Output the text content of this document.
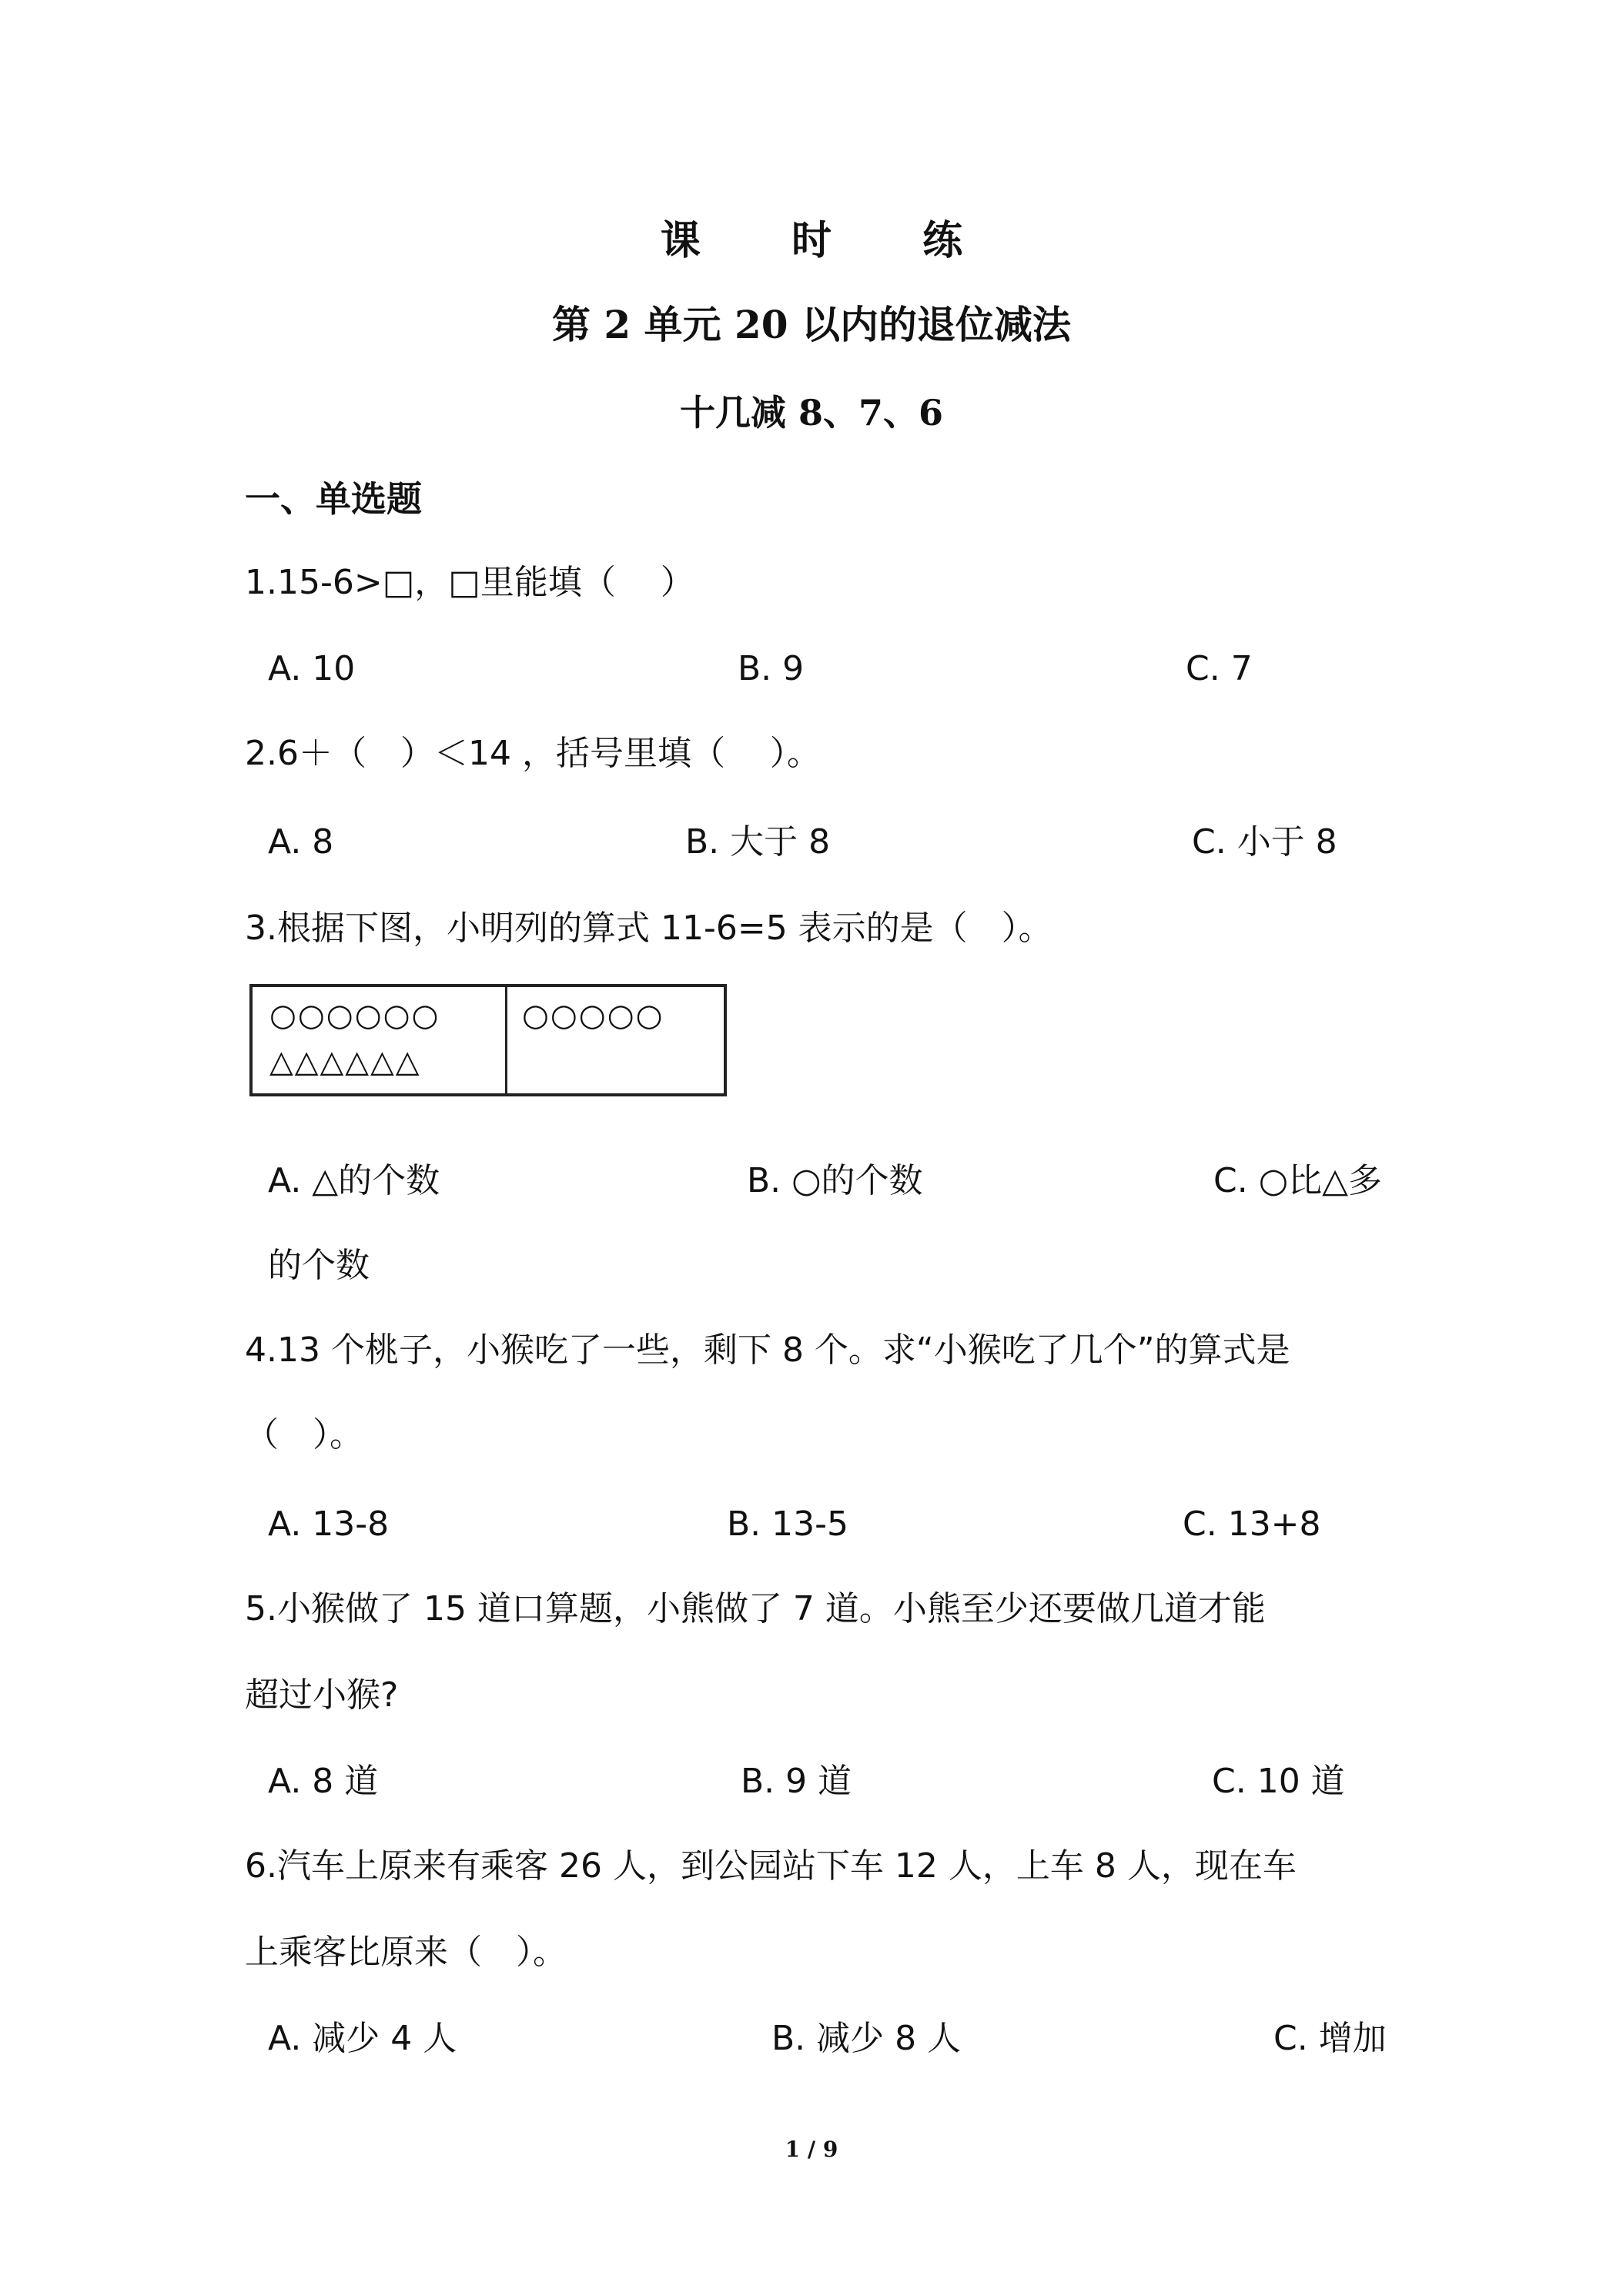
课 时 练
第 2 单元 20 以内的退位减法
十几减 8、7、6
一、单选题
1.15-6>□，□里能填（　 ）
A. 10	B. 9	C. 7
2.6＋（　）＜14 ，括号里填（　 ）。
A. 8	B. 大于 8	C. 小于 8
3.根据下图，小明列的算式 11-6=5 表示的是（　）。
○○○○○○
△△△△△△
○○○○○
A. △的个数	B. ○的个数	C. ○比△多
的个数
4.13 个桃子，小猴吃了一些，剩下 8 个。求“小猴吃了几个”的算式是
（　）。
A. 13-8	B. 13-5	C. 13+8
5.小猴做了 15 道口算题，小熊做了 7 道。小熊至少还要做几道才能
超过小猴?
A. 8 道	B. 9 道	C. 10 道
6.汽车上原来有乘客 26 人，到公园站下车 12 人，上车 8 人，现在车
上乘客比原来（　）。
A. 减少 4 人	B. 减少 8 人	C. 增加
1 / 9
